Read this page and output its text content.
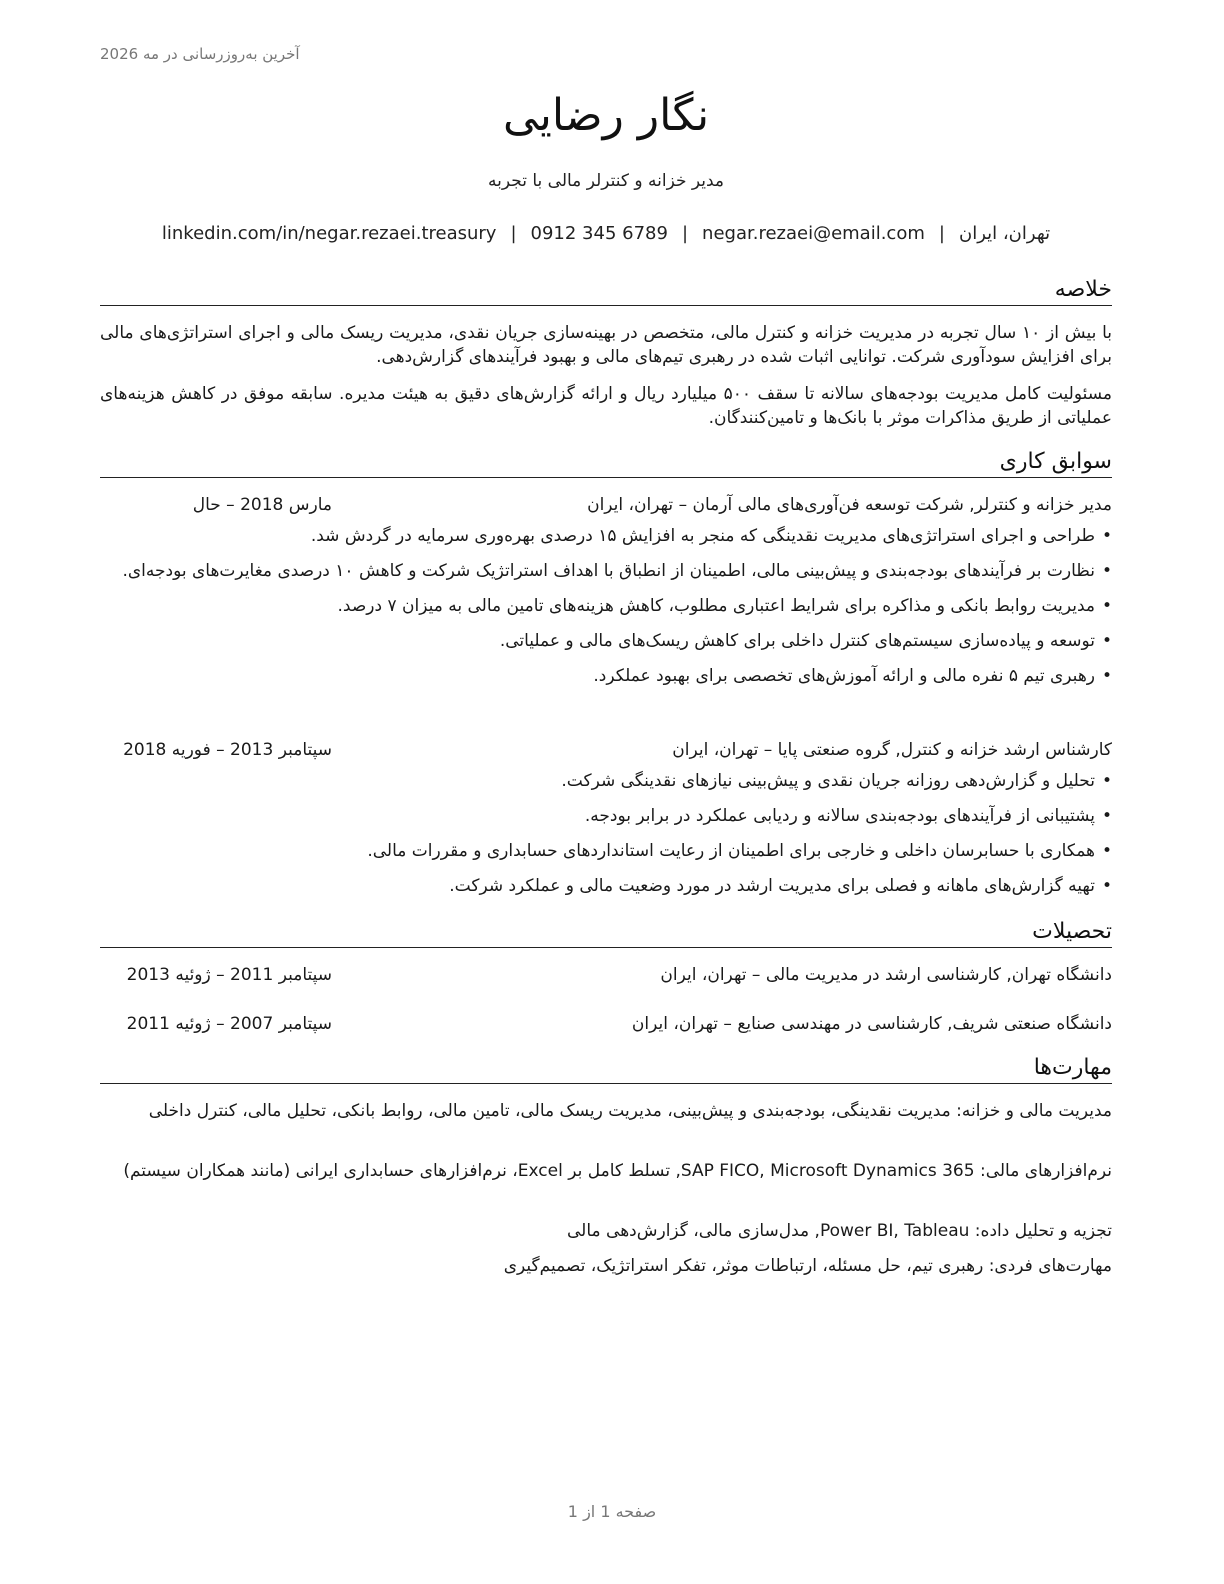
آخرین به‌روزرسانی در مه 2026
نگار رضایی
مدیر خزانه و کنترلر مالی با تجربه
تهران، ایران|negar.rezaei@email.com|0912 345 6789|linkedin.com/in/negar.rezaei.treasury
خلاصه
با بیش از ۱۰ سال تجربه در مدیریت خزانه و کنترل مالی، متخصص در بهینه‌سازی جریان نقدی، مدیریت ریسک مالی و اجرای استراتژی‌های مالی برای افزایش سودآوری شرکت. توانایی اثبات شده در رهبری تیم‌های مالی و بهبود فرآیندهای گزارش‌دهی.
مسئولیت کامل مدیریت بودجه‌های سالانه تا سقف ۵۰۰ میلیارد ریال و ارائه گزارش‌های دقیق به هیئت مدیره. سابقه موفق در کاهش هزینه‌های عملیاتی از طریق مذاکرات موثر با بانک‌ها و تامین‌کنندگان.
سوابق کاری
مدیر خزانه و کنترلر, شرکت توسعه فن‌آوری‌های مالی آرمان – تهران، ایران
مارس 2018 – حال
• طراحی و اجرای استراتژی‌های مدیریت نقدینگی که منجر به افزایش ۱۵ درصدی بهره‌وری سرمایه در گردش شد.
• نظارت بر فرآیندهای بودجه‌بندی و پیش‌بینی مالی، اطمینان از انطباق با اهداف استراتژیک شرکت و کاهش ۱۰ درصدی مغایرت‌های بودجه‌ای.
• مدیریت روابط بانکی و مذاکره برای شرایط اعتباری مطلوب، کاهش هزینه‌های تامین مالی به میزان ۷ درصد.
• توسعه و پیاده‌سازی سیستم‌های کنترل داخلی برای کاهش ریسک‌های مالی و عملیاتی.
• رهبری تیم ۵ نفره مالی و ارائه آموزش‌های تخصصی برای بهبود عملکرد.
کارشناس ارشد خزانه و کنترل, گروه صنعتی پایا – تهران، ایران
سپتامبر 2013 – فوریه 2018
• تحلیل و گزارش‌دهی روزانه جریان نقدی و پیش‌بینی نیازهای نقدینگی شرکت.
• پشتیبانی از فرآیندهای بودجه‌بندی سالانه و ردیابی عملکرد در برابر بودجه.
• همکاری با حسابرسان داخلی و خارجی برای اطمینان از رعایت استانداردهای حسابداری و مقررات مالی.
• تهیه گزارش‌های ماهانه و فصلی برای مدیریت ارشد در مورد وضعیت مالی و عملکرد شرکت.
تحصیلات
دانشگاه تهران, کارشناسی ارشد در مدیریت مالی – تهران، ایران
سپتامبر 2011 – ژوئیه 2013
دانشگاه صنعتی شریف, کارشناسی در مهندسی صنایع – تهران، ایران
سپتامبر 2007 – ژوئیه 2011
مهارت‌ها
مدیریت مالی و خزانه: مدیریت نقدینگی، بودجه‌بندی و پیش‌بینی، مدیریت ریسک مالی، تامین مالی، روابط بانکی، تحلیل مالی، کنترل داخلی
نرم‌افزارهای مالی: SAP FICO, Microsoft Dynamics 365, تسلط کامل بر Excel، نرم‌افزارهای حسابداری ایرانی (مانند همکاران سیستم)
تجزیه و تحلیل داده: Power BI, Tableau, مدل‌سازی مالی، گزارش‌دهی مالی
مهارت‌های فردی: رهبری تیم، حل مسئله، ارتباطات موثر، تفکر استراتژیک، تصمیم‌گیری
صفحه 1 از 1
